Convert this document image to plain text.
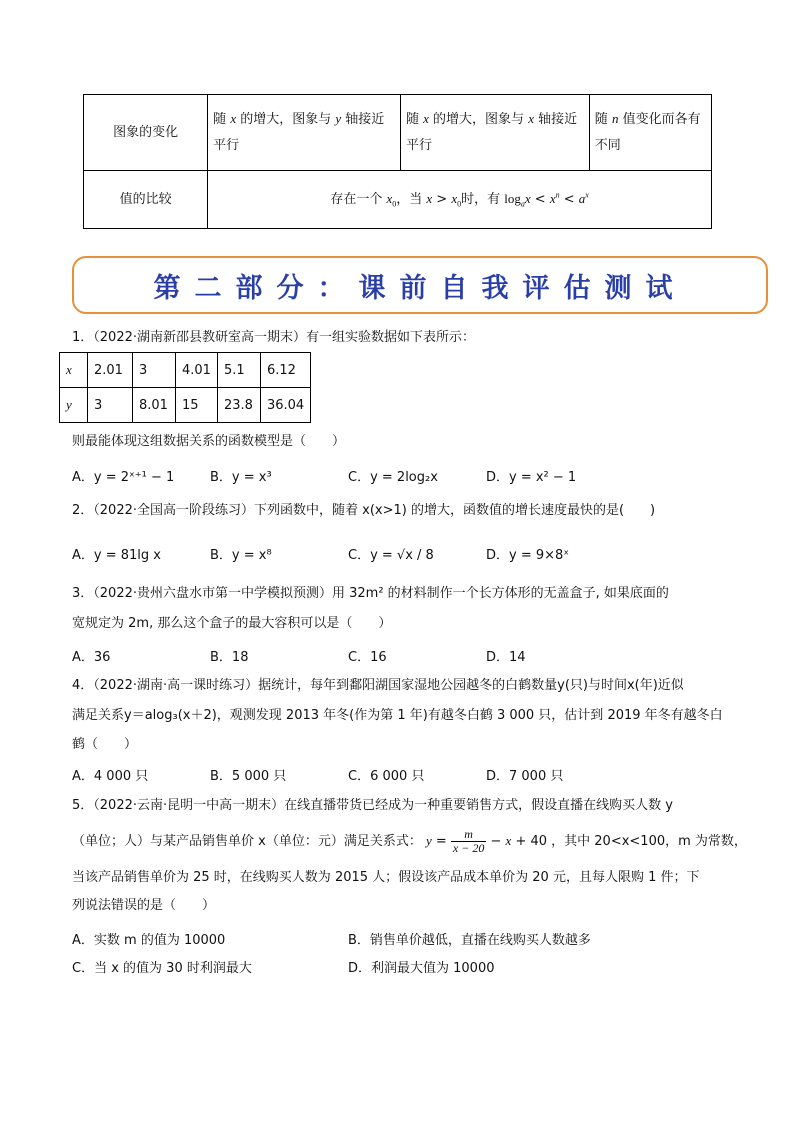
图象的变化	随 x 的增大，图象与 y 轴接近平行	随 x 的增大，图象与 x 轴接近平行	随 n 值变化而各有不同
值的比较	存在一个 $x_0$，当 $x > x_0$时，有 $\log_ax < x^n < a^x$
第二部分：课前自我评估测试
1．（2022·湖南新邵县教研室高一期末）有一组实验数据如下表所示：
x	2.01	3	4.01	5.1	6.12
y	3	8.01	15	23.8	36.04
则最能体现这组数据关系的函数模型是（　　）
A．y = 2ˣ⁺¹ − 1	B．y = x³	C．y = 2log₂x	D．y = x² − 1
2．（2022·全国高一阶段练习）下列函数中，随着 x(x>1) 的增大，函数值的增长速度最快的是(　　)
A．y = 81lg x	B．y = x⁸	C．y = √x / 8	D．y = 9×8ˣ
3．（2022·贵州六盘水市第一中学模拟预测）用 32m² 的材料制作一个长方体形的无盖盒子, 如果底面的
宽规定为 2m, 那么这个盒子的最大容积可以是（　　）
A．36	B．18	C．16	D．14
4．（2022·湖南·高一课时练习）据统计，每年到鄱阳湖国家湿地公园越冬的白鹤数量y(只)与时间x(年)近似
满足关系y＝alog₃(x＋2)，观测发现 2013 年冬(作为第 1 年)有越冬白鹤 3 000 只，估计到 2019 年冬有越冬白
鹤（　　）
A．4 000 只	B．5 000 只	C．6 000 只	D．7 000 只
5．（2022·云南·昆明一中高一期末）在线直播带货已经成为一种重要销售方式，假设直播在线购买人数 y
（单位；人）与某产品销售单价 x（单位：元）满足关系式： $y = \frac{m}{x - 20} - x + 40$ ，其中 20<x<100，m 为常数，
当该产品销售单价为 25 时，在线购买人数为 2015 人；假设该产品成本单价为 20 元，且每人限购 1 件；下
列说法错误的是（　　）
A．实数 m 的值为 10000	B．销售单价越低，直播在线购买人数越多
C．当 x 的值为 30 时利润最大	D．利润最大值为 10000
